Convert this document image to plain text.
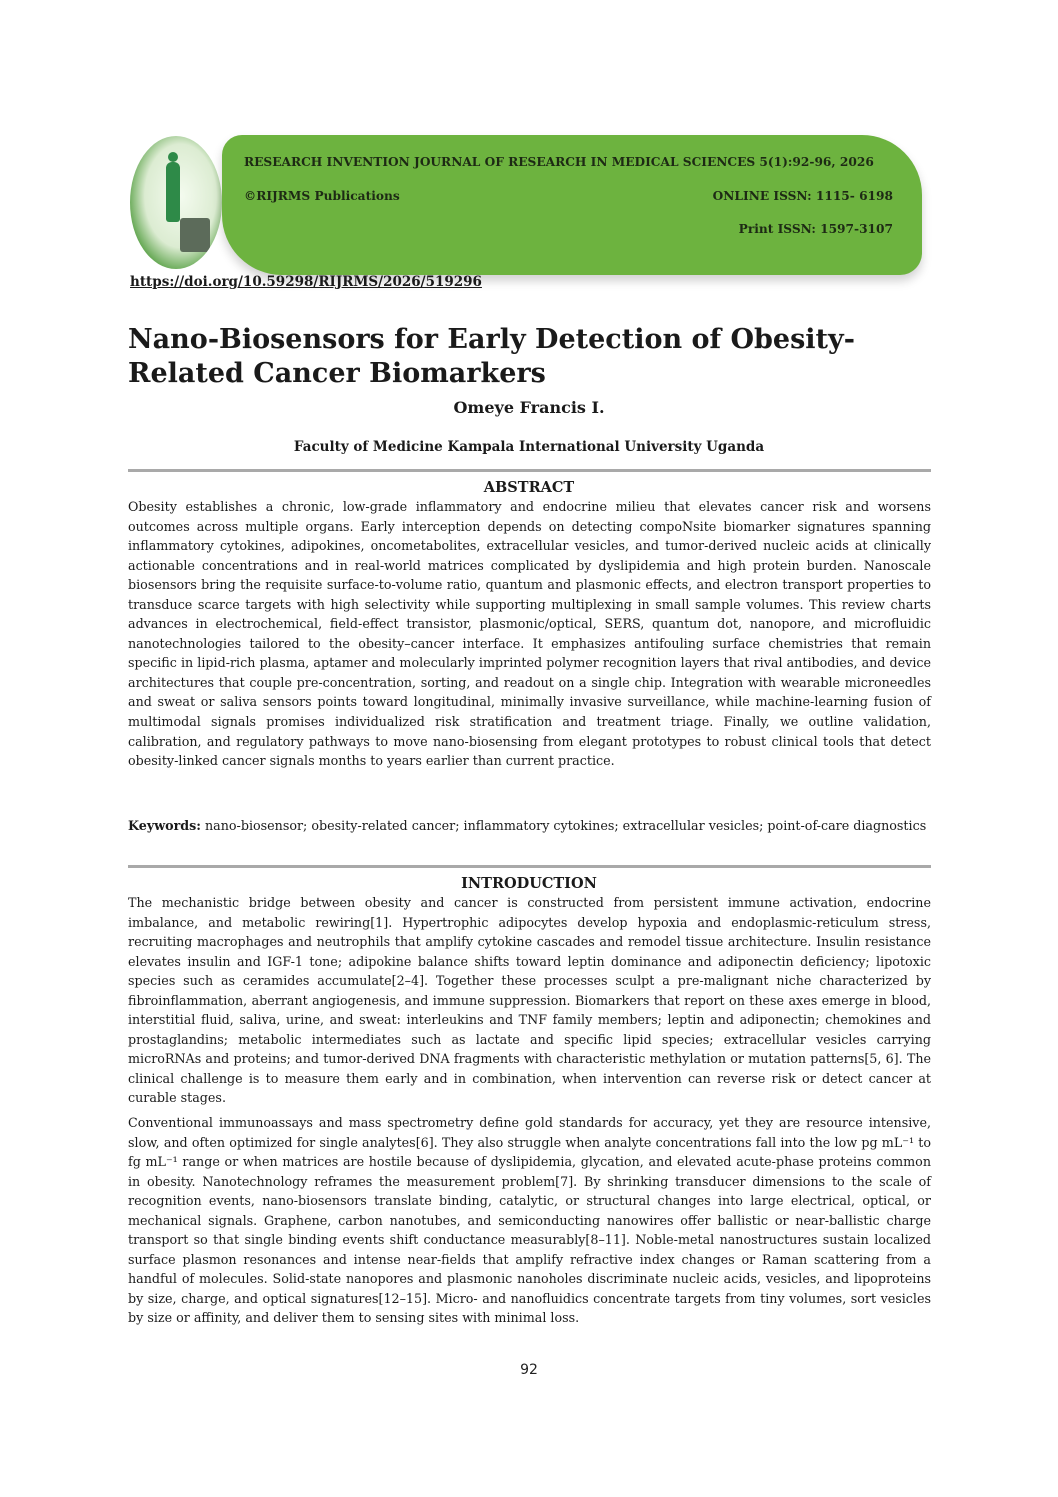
RESEARCH INVENTION JOURNAL OF RESEARCH IN MEDICAL SCIENCES 5(1):92-96, 2026
©RIJRMS Publications	ONLINE ISSN: 1115- 6198
Print ISSN: 1597-3107
https://doi.org/10.59298/RIJRMS/2026/519296
Nano-Biosensors for Early Detection of Obesity-Related Cancer Biomarkers
Omeye Francis I.
Faculty of Medicine Kampala International University Uganda
ABSTRACT

Obesity establishes a chronic, low-grade inflammatory and endocrine milieu that elevates cancer risk and worsens outcomes across multiple organs. Early interception depends on detecting compoNsite biomarker signatures spanning inflammatory cytokines, adipokines, oncometabolites, extracellular vesicles, and tumor-derived nucleic acids at clinically actionable concentrations and in real-world matrices complicated by dyslipidemia and high protein burden. Nanoscale biosensors bring the requisite surface-to-volume ratio, quantum and plasmonic effects, and electron transport properties to transduce scarce targets with high selectivity while supporting multiplexing in small sample volumes. This review charts advances in electrochemical, field-effect transistor, plasmonic/optical, SERS, quantum dot, nanopore, and microfluidic nanotechnologies tailored to the obesity–cancer interface. It emphasizes antifouling surface chemistries that remain specific in lipid-rich plasma, aptamer and molecularly imprinted polymer recognition layers that rival antibodies, and device architectures that couple pre-concentration, sorting, and readout on a single chip. Integration with wearable microneedles and sweat or saliva sensors points toward longitudinal, minimally invasive surveillance, while machine-learning fusion of multimodal signals promises individualized risk stratification and treatment triage. Finally, we outline validation, calibration, and regulatory pathways to move nano-biosensing from elegant prototypes to robust clinical tools that detect obesity-linked cancer signals months to years earlier than current practice.

Keywords: nano-biosensor; obesity-related cancer; inflammatory cytokines; extracellular vesicles; point-of-care diagnostics

INTRODUCTION

The mechanistic bridge between obesity and cancer is constructed from persistent immune activation, endocrine imbalance, and metabolic rewiring[1]. Hypertrophic adipocytes develop hypoxia and endoplasmic-reticulum stress, recruiting macrophages and neutrophils that amplify cytokine cascades and remodel tissue architecture. Insulin resistance elevates insulin and IGF-1 tone; adipokine balance shifts toward leptin dominance and adiponectin deficiency; lipotoxic species such as ceramides accumulate[2–4]. Together these processes sculpt a pre-malignant niche characterized by fibroinflammation, aberrant angiogenesis, and immune suppression. Biomarkers that report on these axes emerge in blood, interstitial fluid, saliva, urine, and sweat: interleukins and TNF family members; leptin and adiponectin; chemokines and prostaglandins; metabolic intermediates such as lactate and specific lipid species; extracellular vesicles carrying microRNAs and proteins; and tumor-derived DNA fragments with characteristic methylation or mutation patterns[5, 6]. The clinical challenge is to measure them early and in combination, when intervention can reverse risk or detect cancer at curable stages.

Conventional immunoassays and mass spectrometry define gold standards for accuracy, yet they are resource intensive, slow, and often optimized for single analytes[6]. They also struggle when analyte concentrations fall into the low pg mL⁻¹ to fg mL⁻¹ range or when matrices are hostile because of dyslipidemia, glycation, and elevated acute-phase proteins common in obesity. Nanotechnology reframes the measurement problem[7]. By shrinking transducer dimensions to the scale of recognition events, nano-biosensors translate binding, catalytic, or structural changes into large electrical, optical, or mechanical signals. Graphene, carbon nanotubes, and semiconducting nanowires offer ballistic or near-ballistic charge transport so that single binding events shift conductance measurably[8–11]. Noble-metal nanostructures sustain localized surface plasmon resonances and intense near-fields that amplify refractive index changes or Raman scattering from a handful of molecules. Solid-state nanopores and plasmonic nanoholes discriminate nucleic acids, vesicles, and lipoproteins by size, charge, and optical signatures[12–15]. Micro- and nanofluidics concentrate targets from tiny volumes, sort vesicles by size or affinity, and deliver them to sensing sites with minimal loss.

92
